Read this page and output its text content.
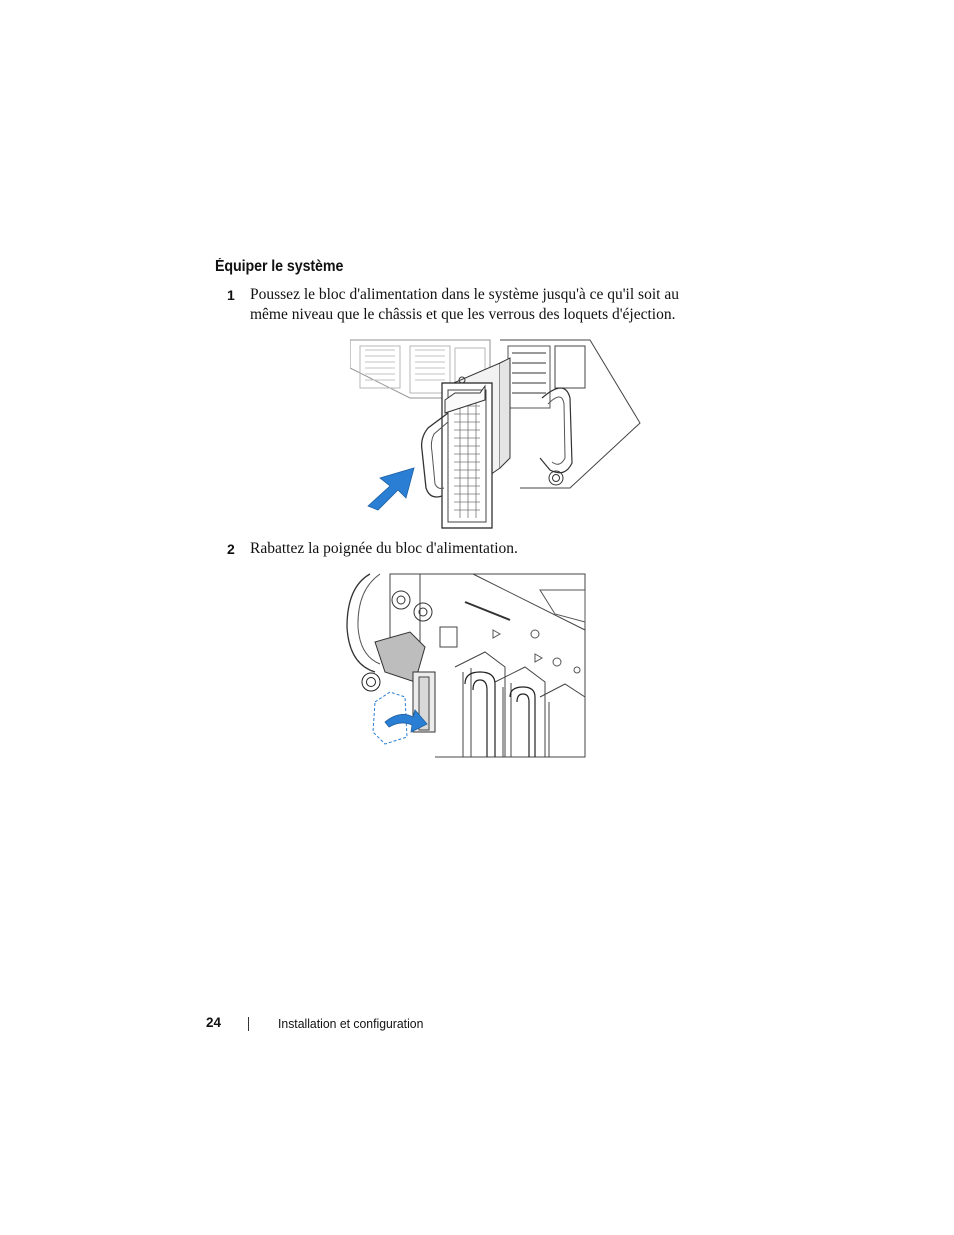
Équiper le système
1 Poussez le bloc d'alimentation dans le système jusqu'à ce qu'il soit au
même niveau que le châssis et que les verrous des loquets d'éjection.
2 Rabattez la poignée du bloc d'alimentation.
24	Installation et configuration
